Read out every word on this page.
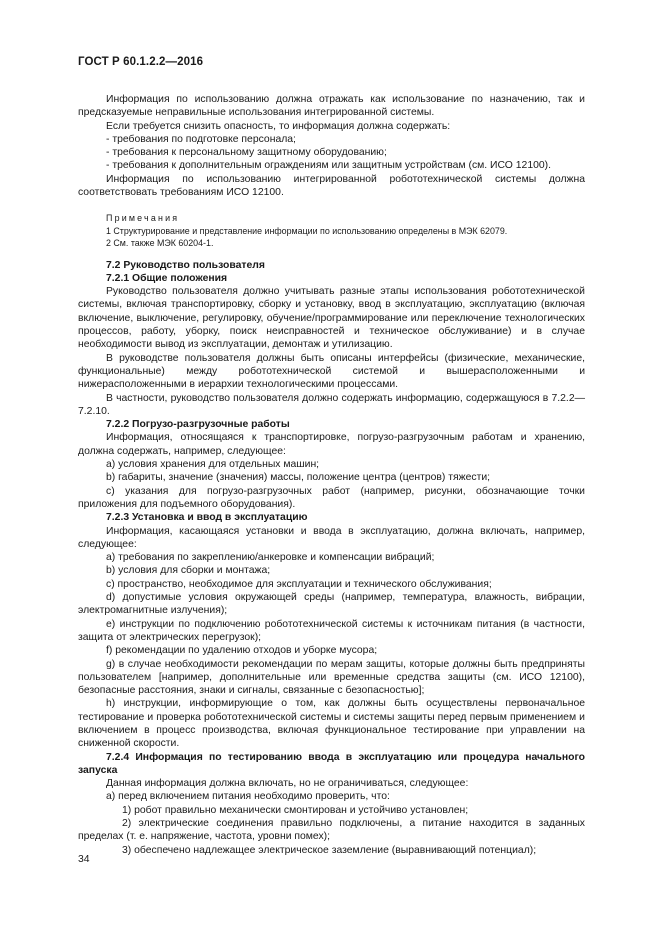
ГОСТ Р 60.1.2.2—2016

Информация по использованию должна отражать как использование по назначению, так и предсказуемые неправильные использования интегрированной системы.

Если требуется снизить опасность, то информация должна содержать:

- требования по подготовке персонала;

- требования к персональному защитному оборудованию;

- требования к дополнительным ограждениям или защитным устройствам (см. ИСО 12100).

Информация по использованию интегрированной робототехнической системы должна соответствовать требованиям ИСО 12100.

Примечания

1 Структурирование и представление информации по использованию определены в МЭК 62079.

2 См. также МЭК 60204-1.

7.2 Руководство пользователя

7.2.1 Общие положения

Руководство пользователя должно учитывать разные этапы использования робототехнической системы, включая транспортировку, сборку и установку, ввод в эксплуатацию, эксплуатацию (включая включение, выключение, регулировку, обучение/программирование или переключение технологических процессов, работу, уборку, поиск неисправностей и техническое обслуживание) и в случае необходимости вывод из эксплуатации, демонтаж и утилизацию.

В руководстве пользователя должны быть описаны интерфейсы (физические, механические, функциональные) между робототехнической системой и вышерасположенными и нижерасположенными в иерархии технологическими процессами.

В частности, руководство пользователя должно содержать информацию, содержащуюся в 7.2.2—7.2.10.

7.2.2 Погрузо-разгрузочные работы

Информация, относящаяся к транспортировке, погрузо-разгрузочным работам и хранению, должна содержать, например, следующее:

а) условия хранения для отдельных машин;

b) габариты, значение (значения) массы, положение центра (центров) тяжести;

с) указания для погрузо-разгрузочных работ (например, рисунки, обозначающие точки приложения для подъемного оборудования).

7.2.3 Установка и ввод в эксплуатацию

Информация, касающаяся установки и ввода в эксплуатацию, должна включать, например, следующее:

а) требования по закреплению/анкеровке и компенсации вибраций;

b) условия для сборки и монтажа;

с) пространство, необходимое для эксплуатации и технического обслуживания;

d) допустимые условия окружающей среды (например, температура, влажность, вибрации, электромагнитные излучения);

е) инструкции по подключению робототехнической системы к источникам питания (в частности, защита от электрических перегрузок);

f) рекомендации по удалению отходов и уборке мусора;

g) в случае необходимости рекомендации по мерам защиты, которые должны быть предприняты пользователем [например, дополнительные или временные средства защиты (см. ИСО 12100), безопасные расстояния, знаки и сигналы, связанные с безопасностью];

h) инструкции, информирующие о том, как должны быть осуществлены первоначальное тестирование и проверка робототехнической системы и системы защиты перед первым применением и включением в процесс производства, включая функциональное тестирование при управлении на сниженной скорости.

7.2.4 Информация по тестированию ввода в эксплуатацию или процедура начального запуска

Данная информация должна включать, но не ограничиваться, следующее:

а) перед включением питания необходимо проверить, что:

1) робот правильно механически смонтирован и устойчиво установлен;

2) электрические соединения правильно подключены, а питание находится в заданных пределах (т. е. напряжение, частота, уровни помех);

3) обеспечено надлежащее электрическое заземление (выравнивающий потенциал);

34
